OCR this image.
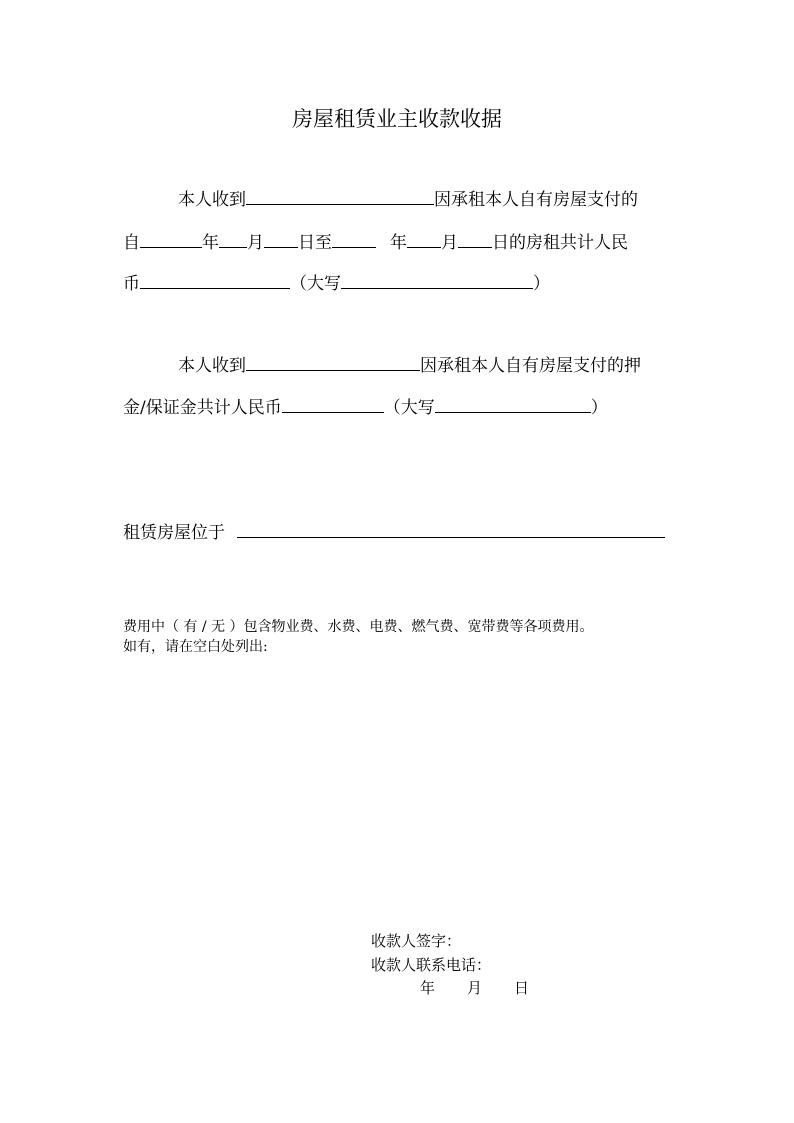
房屋租赁业主收款收据
本人收到	因承租本人自有房屋支付的
自	年 月 日至	年 月 日的房租共计人民
币	（大写	）
本人收到	因承租本人自有房屋支付的押
金/保证金共计人民币	（大写	）
租赁房屋位于
费用中（ 有 / 无 ）包含物业费、水费、电费、燃气费、宽带费等各项费用。
如有，请在空白处列出:
收款人签字：
收款人联系电话：
年 月 日
